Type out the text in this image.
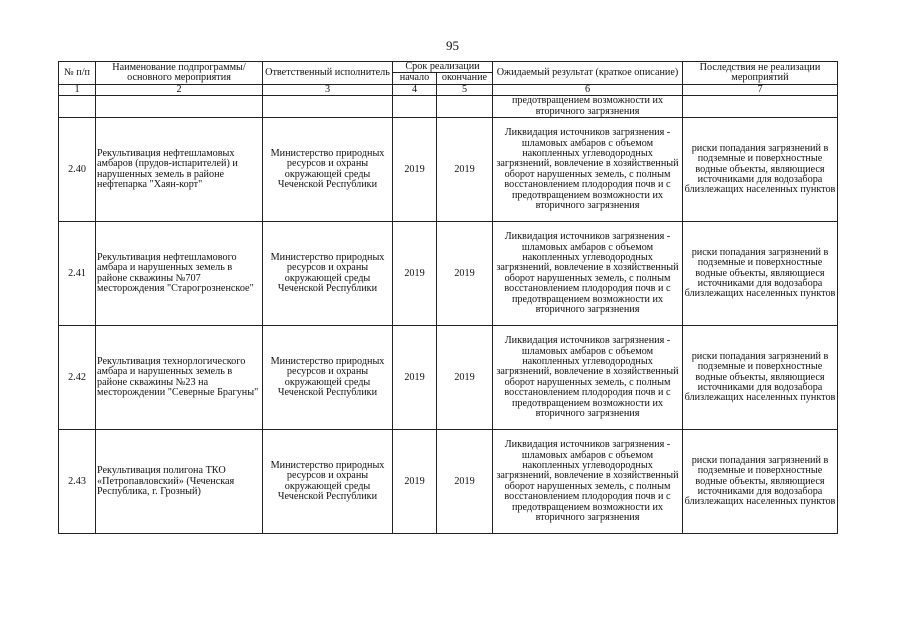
95
№ п/п	Наименование подпрограммы/ основного мероприятия	Ответственный исполнитель	Срок реализации		Ожидаемый результат (краткое описание)	Последствия не реализации мероприятий
			начало	окончание		
1	2	3	4	5	6	7
					предотвращением возможности их вторичного загрязнения	
2.40	Рекультивация нефтешламовых амбаров (прудов-испарителей) и нарушенных земель в районе нефтепарка "Хаян-корт"	Министерство природных ресурсов и охраны окружающей среды Чеченской Республики	2019	2019	Ликвидация источников загрязнения - шламовых амбаров с объемом накопленных углеводородных загрязнений, вовлечение в хозяйственный оборот нарушенных земель, с полным восстановлением плодородия почв и с предотвращением возможности их вторичного загрязнения	риски попадания загрязнений в подземные и поверхностные водные объекты, являющиеся источниками для водозабора близлежащих населенных пунктов
2.41	Рекультивация нефтешламового амбара и нарушенных земель в районе скважины №707 месторождения "Старогрозненское"	Министерство природных ресурсов и охраны окружающей среды Чеченской Республики	2019	2019	Ликвидация источников загрязнения - шламовых амбаров с объемом накопленных углеводородных загрязнений, вовлечение в хозяйственный оборот нарушенных земель, с полным восстановлением плодородия почв и с предотвращением возможности их вторичного загрязнения	риски попадания загрязнений в подземные и поверхностные водные объекты, являющиеся источниками для водозабора близлежащих населенных пунктов
2.42	Рекультивация технорлогического амбара и нарушенных земель в районе скважины №23 на месторождении "Северные Брагуны"	Министерство природных ресурсов и охраны окружающей среды Чеченской Республики	2019	2019	Ликвидация источников загрязнения - шламовых амбаров с объемом накопленных углеводородных загрязнений, вовлечение в хозяйственный оборот нарушенных земель, с полным восстановлением плодородия почв и с предотвращением возможности их вторичного загрязнения	риски попадания загрязнений в подземные и поверхностные водные объекты, являющиеся источниками для водозабора близлежащих населенных пунктов
2.43	Рекультивация полигона ТКО «Петропавловский» (Чеченская Республика, г. Грозный)	Министерство природных ресурсов и охраны окружающей среды Чеченской Республики	2019	2019	Ликвидация источников загрязнения - шламовых амбаров с объемом накопленных углеводородных загрязнений, вовлечение в хозяйственный оборот нарушенных земель, с полным восстановлением плодородия почв и с предотвращением возможности их вторичного загрязнения	риски попадания загрязнений в подземные и поверхностные водные объекты, являющиеся источниками для водозабора близлежащих населенных пунктов
